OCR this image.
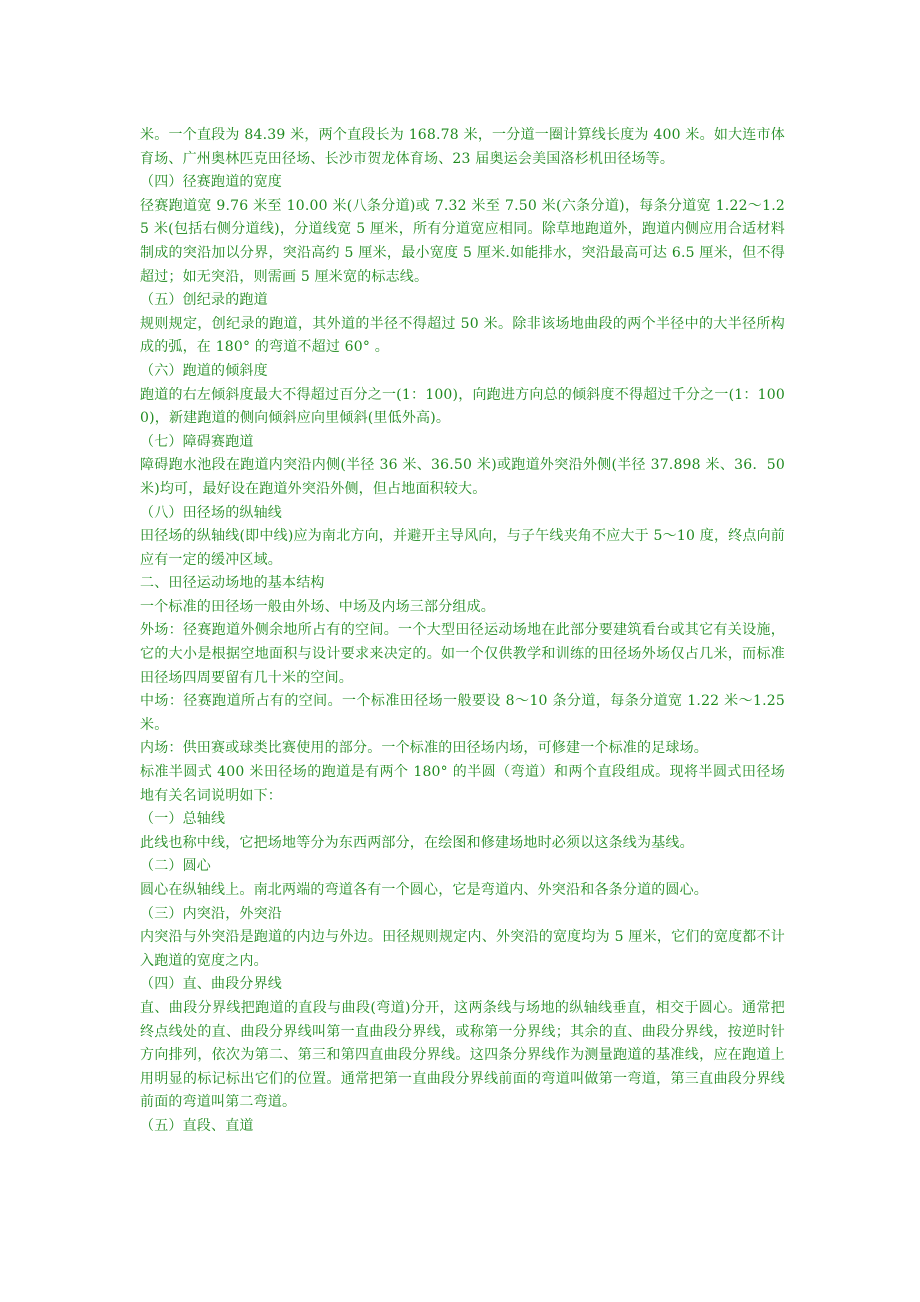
米。一个直段为 84.39 米，两个直段长为 168.78 米，一分道一圈计算线长度为 400 米。如大连市体育场、广州奥林匹克田径场、长沙市贺龙体育场、23 届奥运会美国洛杉机田径场等。

（四）径赛跑道的宽度

径赛跑道宽 9.76 米至 10.00 米(八条分道)或 7.32 米至 7.50 米(六条分道)，每条分道宽 1.22～1.25 米(包括右侧分道线)，分道线宽 5 厘米，所有分道宽应相同。除草地跑道外，跑道内侧应用合适材料制成的突沿加以分界，突沿高约 5 厘米，最小宽度 5 厘米.如能排水，突沿最高可达 6.5 厘米，但不得超过；如无突沿，则需画 5 厘米宽的标志线。

（五）创纪录的跑道

规则规定，创纪录的跑道，其外道的半径不得超过 50 米。除非该场地曲段的两个半径中的大半径所构成的弧，在 180° 的弯道不超过 60° 。

（六）跑道的倾斜度

跑道的右左倾斜度最大不得超过百分之一(1：100)，向跑进方向总的倾斜度不得超过千分之一(1：1000)，新建跑道的侧向倾斜应向里倾斜(里低外高)。

（七）障碍赛跑道

障碍跑水池段在跑道内突沿内侧(半径 36 米、36.50 米)或跑道外突沿外侧(半径 37.898 米、36．50 米)均可，最好设在跑道外突沿外侧，但占地面积较大。

（八）田径场的纵轴线

田径场的纵轴线(即中线)应为南北方向，并避开主导风向，与子午线夹角不应大于 5～10 度，终点向前应有一定的缓冲区域。

二、田径运动场地的基本结构

一个标准的田径场一般由外场、中场及内场三部分组成。

外场：径赛跑道外侧余地所占有的空间。一个大型田径运动场地在此部分要建筑看台或其它有关设施，它的大小是根据空地面积与设计要求来决定的。如一个仅供教学和训练的田径场外场仅占几米，而标准田径场四周要留有几十米的空间。

中场：径赛跑道所占有的空间。一个标准田径场一般要设 8～10 条分道，每条分道宽 1.22 米～1.25 米。

内场：供田赛或球类比赛使用的部分。一个标准的田径场内场，可修建一个标准的足球场。

标准半圆式 400 米田径场的跑道是有两个 180° 的半圆（弯道）和两个直段组成。现将半圆式田径场地有关名词说明如下：

（一）总轴线

此线也称中线，它把场地等分为东西两部分，在绘图和修建场地时必须以这条线为基线。

（二）圆心

圆心在纵轴线上。南北两端的弯道各有一个圆心，它是弯道内、外突沿和各条分道的圆心。

（三）内突沿，外突沿

内突沿与外突沿是跑道的内边与外边。田径规则规定内、外突沿的宽度均为 5 厘米，它们的宽度都不计入跑道的宽度之内。

（四）直、曲段分界线

直、曲段分界线把跑道的直段与曲段(弯道)分开，这两条线与场地的纵轴线垂直，相交于圆心。通常把终点线处的直、曲段分界线叫第一直曲段分界线，或称第一分界线；其余的直、曲段分界线，按逆时针方向排列，依次为第二、第三和第四直曲段分界线。这四条分界线作为测量跑道的基准线，应在跑道上用明显的标记标出它们的位置。通常把第一直曲段分界线前面的弯道叫做第一弯道，第三直曲段分界线前面的弯道叫第二弯道。

（五）直段、直道
